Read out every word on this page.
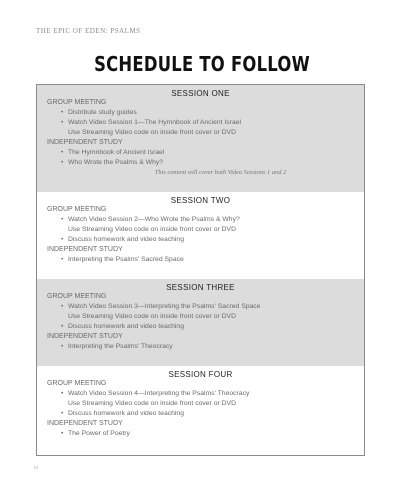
THE EPIC OF EDEN: PSALMS
SCHEDULE TO FOLLOW
SESSION ONE
GROUP MEETING
• Distribute study guides
• Watch Video Session 1—The Hymnbook of Ancient Israel
Use Streaming Video code on inside front cover or DVD
INDEPENDENT STUDY
• The Hymnbook of Ancient Israel
• Who Wrote the Psalms & Why?
This content will cover both Video Sessions 1 and 2
SESSION TWO
GROUP MEETING
• Watch Video Session 2—Who Wrote the Psalms & Why?
Use Streaming Video code on inside front cover or DVD
• Discuss homework and video teaching
INDEPENDENT STUDY
• Interpreting the Psalms' Sacred Space
SESSION THREE
GROUP MEETING
• Watch Video Session 3—Interpreting the Psalms' Sacred Space
Use Streaming Video code on inside front cover or DVD
• Discuss homework and video teaching
INDEPENDENT STUDY
• Interpreting the Psalms' Theocracy
SESSION FOUR
GROUP MEETING
• Watch Video Session 4—Interpreting the Psalms' Theocracy
Use Streaming Video code on inside front cover or DVD
• Discuss homework and video teaching
INDEPENDENT STUDY
• The Power of Poetry
vi
